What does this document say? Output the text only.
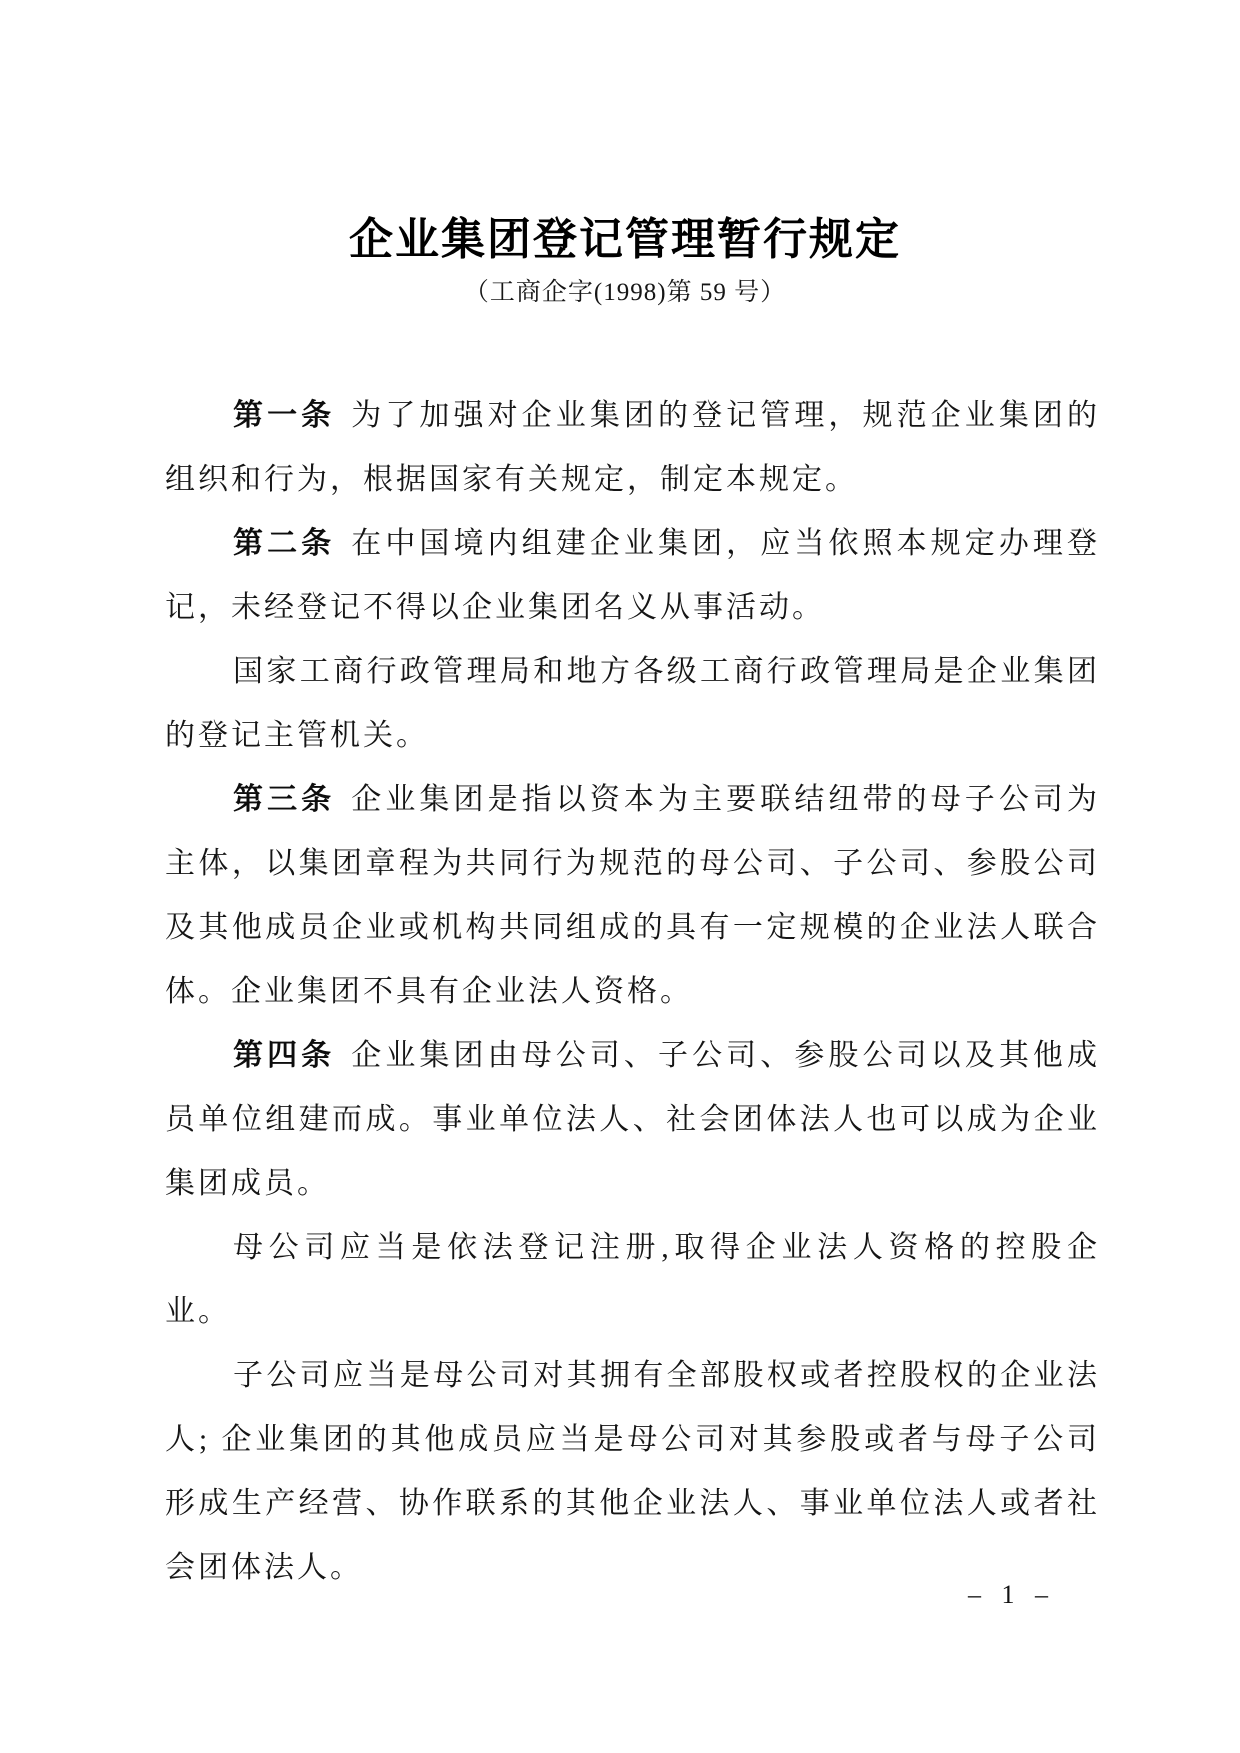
企业集团登记管理暂行规定
（工商企字(1998)第 59 号）

第一条 为了加强对企业集团的登记管理，规范企业集团的组织和行为，根据国家有关规定，制定本规定。

第二条 在中国境内组建企业集团，应当依照本规定办理登记，未经登记不得以企业集团名义从事活动。

国家工商行政管理局和地方各级工商行政管理局是企业集团的登记主管机关。

第三条 企业集团是指以资本为主要联结纽带的母子公司为主体，以集团章程为共同行为规范的母公司、子公司、参股公司及其他成员企业或机构共同组成的具有一定规模的企业法人联合体。企业集团不具有企业法人资格。

第四条 企业集团由母公司、子公司、参股公司以及其他成员单位组建而成。事业单位法人、社会团体法人也可以成为企业集团成员。

母公司应当是依法登记注册,取得企业法人资格的控股企业。

子公司应当是母公司对其拥有全部股权或者控股权的企业法人; 企业集团的其他成员应当是母公司对其参股或者与母子公司形成生产经营、协作联系的其他企业法人、事业单位法人或者社会团体法人。

– 1 –
